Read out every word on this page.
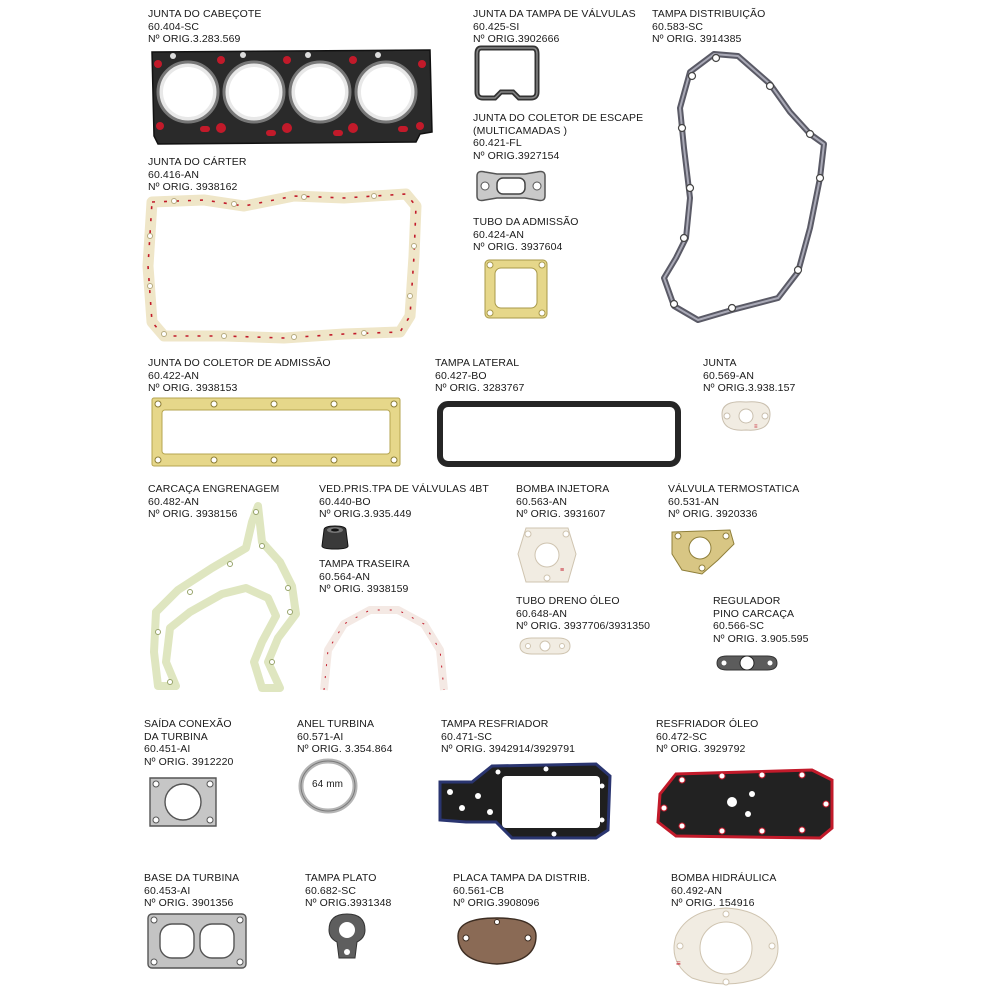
JUNTA DO CABEÇOTE
60.404-SC
Nº ORIG.3.283.569
JUNTA DA TAMPA DE VÁLVULAS
60.425-SI
Nº ORIG.3902666
TAMPA DISTRIBUIÇÃO
60.583-SC
Nº ORIG. 3914385
JUNTA DO COLETOR DE ESCAPE
(MULTICAMADAS )
60.421-FL
Nº ORIG.3927154
JUNTA DO CÁRTER
60.416-AN
Nº ORIG. 3938162
TUBO DA ADMISSÃO
60.424-AN
Nº ORIG. 3937604
JUNTA DO COLETOR DE ADMISSÃO
60.422-AN
Nº ORIG. 3938153
TAMPA LATERAL
60.427-BO
Nº ORIG. 3283767
JUNTA
60.569-AN
Nº ORIG.3.938.157
CARCAÇA ENGRENAGEM
60.482-AN
Nº ORIG. 3938156
VED.PRIS.TPA DE VÁLVULAS 4BT
60.440-BO
Nº ORIG.3.935.449
BOMBA INJETORA
60.563-AN
Nº ORIG. 3931607
VÁLVULA TERMOSTATICA
60.531-AN
Nº ORIG. 3920336
TAMPA TRASEIRA
60.564-AN
Nº ORIG. 3938159
TUBO DRENO ÓLEO
60.648-AN
Nº ORIG. 3937706/3931350
REGULADOR
PINO CARCAÇA
60.566-SC
Nº ORIG. 3.905.595
SAÍDA CONEXÃO
DA TURBINA
60.451-AI
Nº ORIG. 3912220
ANEL TURBINA
60.571-AI
Nº ORIG. 3.354.864
TAMPA RESFRIADOR
60.471-SC
Nº ORIG. 3942914/3929791
RESFRIADOR ÓLEO
60.472-SC
Nº ORIG. 3929792
BASE DA TURBINA
60.453-AI
Nº ORIG. 3901356
TAMPA PLATO
60.682-SC
Nº ORIG.3931348
PLACA TAMPA DA DISTRIB.
60.561-CB
Nº ORIG.3908096
BOMBA HIDRÁULICA
60.492-AN
Nº ORIG. 154916
≡
≡
64 mm
≡
